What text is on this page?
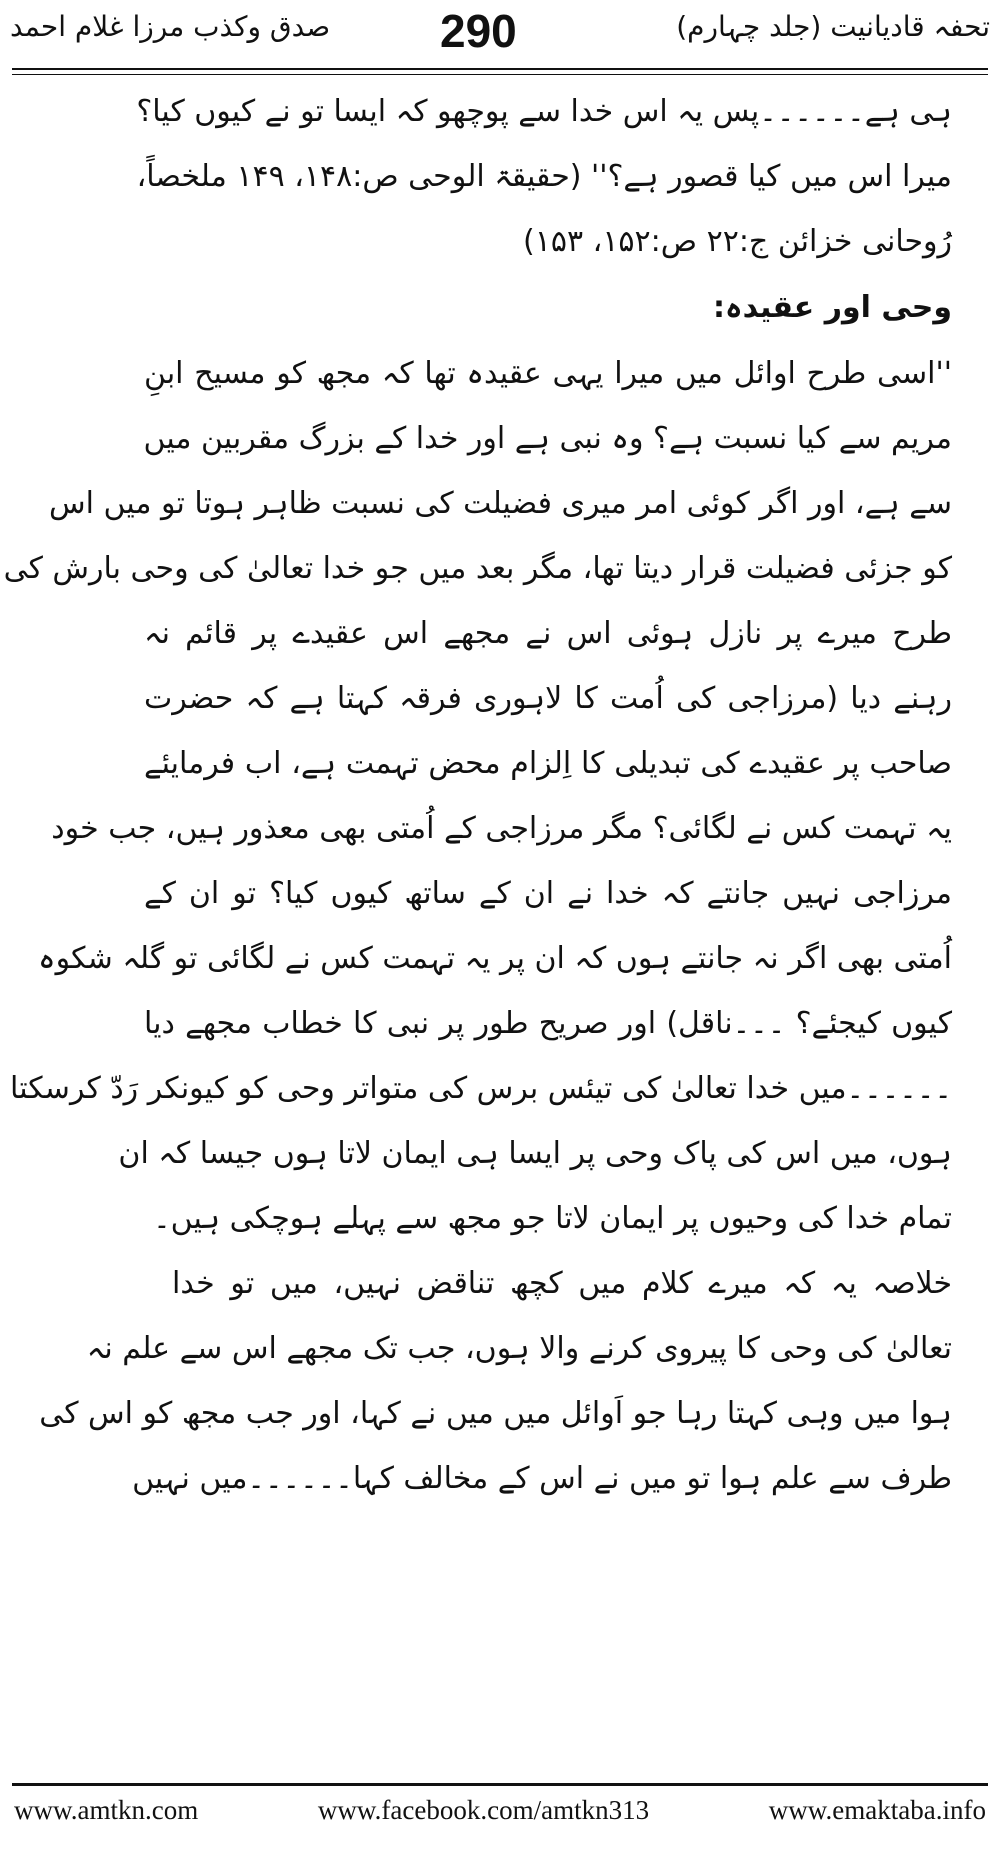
تحفہ قادیانیت (جلد چہارم)
290
صدق وکذب مرزا غلام احمد
ہی ہے۔۔۔۔۔۔پس یہ اس خدا سے پوچھو کہ ایسا تو نے کیوں کیا؟
میرا اس میں کیا قصور ہے؟'' (حقیقۃ الوحی ص:۱۴۸، ۱۴۹ ملخصاً،
رُوحانی خزائن ج:۲۲ ص:۱۵۲، ۱۵۳)
وحی اور عقیدہ:
''اسی طرح اوائل میں میرا یہی عقیدہ تھا کہ مجھ کو مسیح ابنِ
مریم سے کیا نسبت ہے؟ وہ نبی ہے اور خدا کے بزرگ مقربین میں
سے ہے، اور اگر کوئی امر میری فضیلت کی نسبت ظاہر ہوتا تو میں اس
کو جزئی فضیلت قرار دیتا تھا، مگر بعد میں جو خدا تعالیٰ کی وحی بارش کی
طرح میرے پر نازل ہوئی اس نے مجھے اس عقیدے پر قائم نہ
رہنے دیا (مرزاجی کی اُمت کا لاہوری فرقہ کہتا ہے کہ حضرت
صاحب پر عقیدے کی تبدیلی کا اِلزام محض تہمت ہے، اب فرمایئے
یہ تہمت کس نے لگائی؟ مگر مرزاجی کے اُمتی بھی معذور ہیں، جب خود
مرزاجی نہیں جانتے کہ خدا نے ان کے ساتھ کیوں کیا؟ تو ان کے
اُمتی بھی اگر نہ جانتے ہوں کہ ان پر یہ تہمت کس نے لگائی تو گلہ شکوہ
کیوں کیجئے؟ ۔۔۔ناقل) اور صریح طور پر نبی کا خطاب مجھے دیا
۔۔۔۔۔۔میں خدا تعالیٰ کی تیئس برس کی متواتر وحی کو کیونکر رَدّ کرسکتا
ہوں، میں اس کی پاک وحی پر ایسا ہی ایمان لاتا ہوں جیسا کہ ان
تمام خدا کی وحیوں پر ایمان لاتا جو مجھ سے پہلے ہوچکی ہیں۔
خلاصہ یہ کہ میرے کلام میں کچھ تناقض نہیں، میں تو خدا
تعالیٰ کی وحی کا پیروی کرنے والا ہوں، جب تک مجھے اس سے علم نہ
ہوا میں وہی کہتا رہا جو اَوائل میں میں نے کہا، اور جب مجھ کو اس کی
طرف سے علم ہوا تو میں نے اس کے مخالف کہا۔۔۔۔۔۔میں نہیں
www.amtkn.com	www.facebook.com/amtkn313	www.emaktaba.info
